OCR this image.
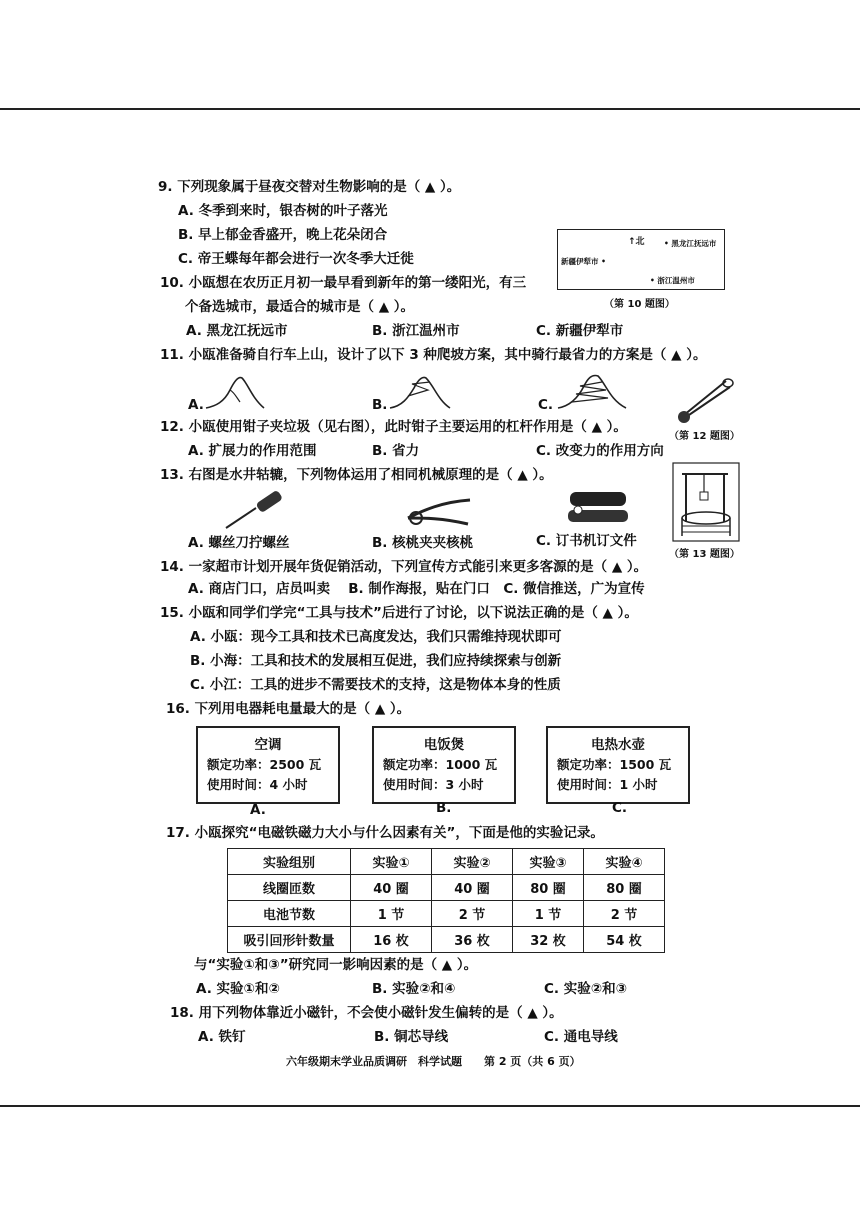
9. 下列现象属于昼夜交替对生物影响的是（ ▲ ）。
A. 冬季到来时，银杏树的叶子落光
B. 早上郁金香盛开，晚上花朵闭合
C. 帝王蝶每年都会进行一次冬季大迁徙
↑北	• 黑龙江抚远市
新疆伊犁市 •
• 浙江温州市
（第 10 题图）
10. 小瓯想在农历正月初一最早看到新年的第一缕阳光，有三
个备选城市，最适合的城市是（ ▲ ）。
A. 黑龙江抚远市	B. 浙江温州市	C. 新疆伊犁市
11. 小瓯准备骑自行车上山，设计了以下 3 种爬坡方案，其中骑行最省力的方案是（ ▲ ）。
A.	B.	C.
（第 12 题图）
12. 小瓯使用钳子夹垃圾（见右图），此时钳子主要运用的杠杆作用是（ ▲ ）。
A. 扩展力的作用范围	B. 省力	C. 改变力的作用方向
13. 右图是水井轱辘，下列物体运用了相同机械原理的是（ ▲ ）。
（第 13 题图）
A. 螺丝刀拧螺丝	B. 核桃夹夹核桃	C. 订书机订文件
14. 一家超市计划开展年货促销活动，下列宣传方式能引来更多客源的是（ ▲ ）。
A. 商店门口，店员叫卖　 B. 制作海报，贴在门口　C. 微信推送，广为宣传
15. 小瓯和同学们学完“工具与技术”后进行了讨论，以下说法正确的是（ ▲ ）。
A. 小瓯：现今工具和技术已高度发达，我们只需维持现状即可
B. 小海：工具和技术的发展相互促进，我们应持续探索与创新
C. 小江：工具的进步不需要技术的支持，这是物体本身的性质
16. 下列用电器耗电量最大的是（ ▲ ）。
空调
额定功率：2500 瓦
使用时间：4 小时
电饭煲
额定功率：1000 瓦
使用时间：3 小时
电热水壶
额定功率：1500 瓦
使用时间：1 小时
A.	B.	C.
17. 小瓯探究“电磁铁磁力大小与什么因素有关”，下面是他的实验记录。
实验组别	实验①	实验②	实验③	实验④
线圈匝数	40 圈	40 圈	80 圈	80 圈
电池节数	1 节	2 节	1 节	2 节
吸引回形针数量	16 枚	36 枚	32 枚	54 枚
与“实验①和③”研究同一影响因素的是（ ▲ ）。
A. 实验①和②	B. 实验②和④	C. 实验②和③
18. 用下列物体靠近小磁针，不会使小磁针发生偏转的是（ ▲ ）。
A. 铁钉	B. 铜芯导线	C. 通电导线
六年级期末学业品质调研　科学试题　　第 2 页（共 6 页）
